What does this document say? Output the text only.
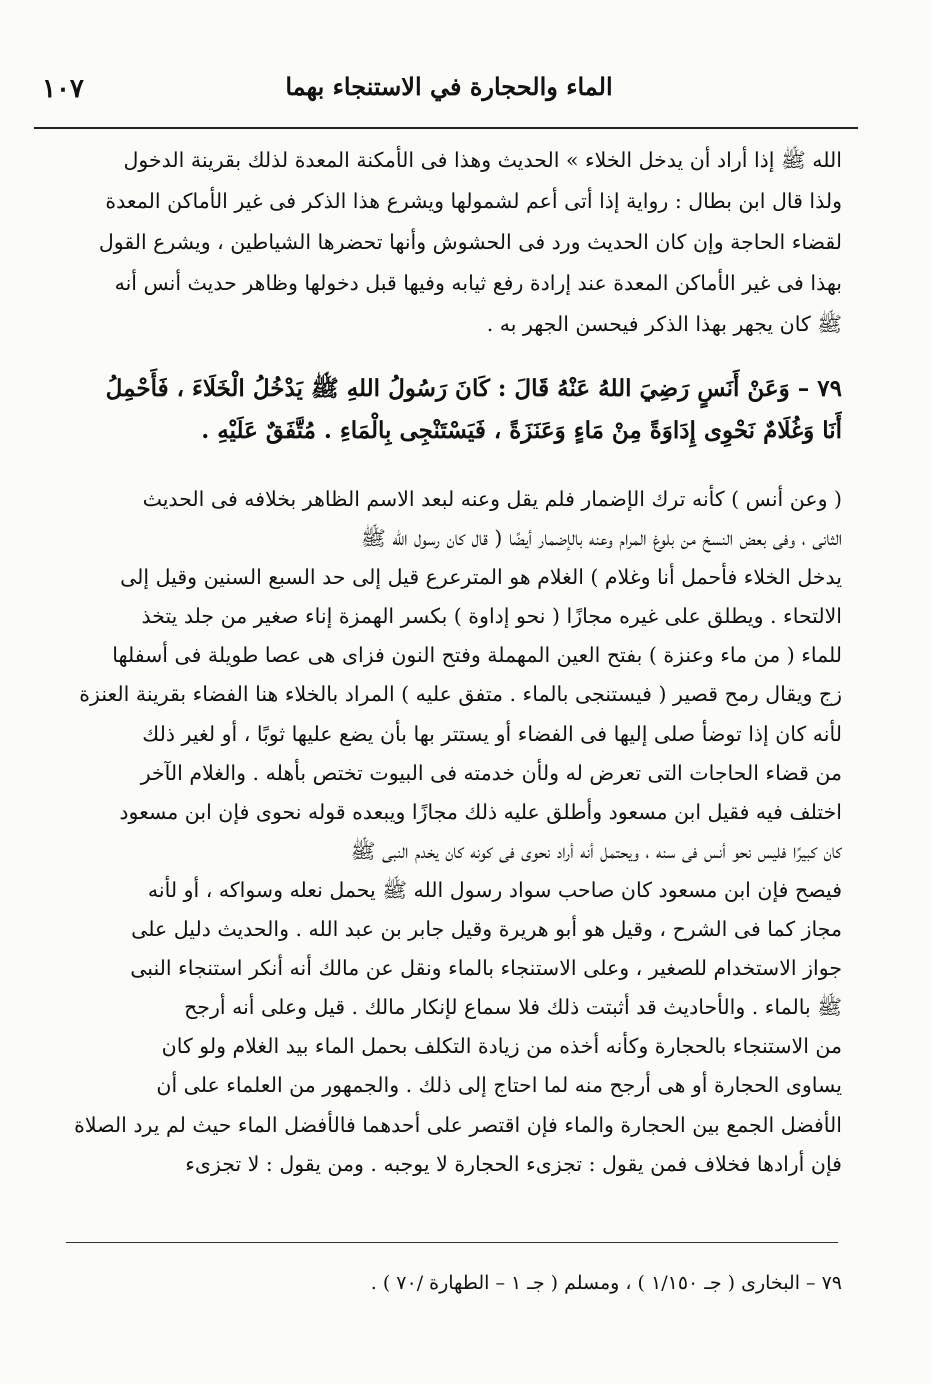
الماء والحجارة في الاستنجاء بهما
١٠٧
الله ﷺ إذا أراد أن يدخل الخلاء » الحديث وهذا فى الأمكنة المعدة لذلك بقرينة الدخول
ولذا قال ابن بطال : رواية إذا أتى أعم لشمولها ويشرع هذا الذكر فى غير الأماكن المعدة
لقضاء الحاجة وإن كان الحديث ورد فى الحشوش وأنها تحضرها الشياطين ، ويشرع القول
بهذا فى غير الأماكن المعدة عند إرادة رفع ثيابه وفيها قبل دخولها وظاهر حديث أنس أنه
ﷺ كان يجهر بهذا الذكر فيحسن الجهر به .
٧٩ – وَعَنْ أَنَسٍ رَضِيَ اللهُ عَنْهُ قَالَ : كَانَ رَسُولُ اللهِ ﷺ يَدْخُلُ الْخَلَاءَ ، فَأَحْمِلُ
أَنَا وَغُلَامٌ نَحْوِى إِدَاوَةً مِنْ مَاءٍ وَعَنَزَةً ، فَيَسْتَنْجِى بِالْمَاءِ . مُتَّفَقٌ عَلَيْهِ .
( وعن أنس ) كأنه ترك الإضمار فلم يقل وعنه لبعد الاسم الظاهر بخلافه فى الحديث
الثانى ، وفى بعض النسخ من بلوغ المرام وعنه بالإضمار أيضًا ( قال كان رسول الله ﷺ
يدخل الخلاء فأحمل أنا وغلام ) الغلام هو المترعرع قيل إلى حد السبع السنين وقيل إلى
الالتحاء . ويطلق على غيره مجازًا ( نحو إداوة ) بكسر الهمزة إناء صغير من جلد يتخذ
للماء ( من ماء وعنزة ) بفتح العين المهملة وفتح النون فزاى هى عصا طويلة فى أسفلها
زج ويقال رمح قصير ( فيستنجى بالماء . متفق عليه ) المراد بالخلاء هنا الفضاء بقرينة العنزة
لأنه كان إذا توضأ صلى إليها فى الفضاء أو يستتر بها بأن يضع عليها ثوبًا ، أو لغير ذلك
من قضاء الحاجات التى تعرض له ولأن خدمته فى البيوت تختص بأهله . والغلام الآخر
اختلف فيه فقيل ابن مسعود وأطلق عليه ذلك مجازًا ويبعده قوله نحوى فإن ابن مسعود
كان كبيرًا فليس نحو أنس فى سنه ، ويحتمل أنه أراد نحوى فى كونه كان يخدم النبى ﷺ
فيصح فإن ابن مسعود كان صاحب سواد رسول الله ﷺ يحمل نعله وسواكه ، أو لأنه
مجاز كما فى الشرح ، وقيل هو أبو هريرة وقيل جابر بن عبد الله . والحديث دليل على
جواز الاستخدام للصغير ، وعلى الاستنجاء بالماء ونقل عن مالك أنه أنكر استنجاء النبى
ﷺ بالماء . والأحاديث قد أثبتت ذلك فلا سماع لإنكار مالك . قيل وعلى أنه أرجح
من الاستنجاء بالحجارة وكأنه أخذه من زيادة التكلف بحمل الماء بيد الغلام ولو كان
يساوى الحجارة أو هى أرجح منه لما احتاج إلى ذلك . والجمهور من العلماء على أن
الأفضل الجمع بين الحجارة والماء فإن اقتصر على أحدهما فالأفضل الماء حيث لم يرد الصلاة
فإن أرادها فخلاف فمن يقول : تجزىء الحجارة لا يوجبه . ومن يقول : لا تجزىء
٧٩ – البخارى ( جـ ١/١٥٠ ) ، ومسلم ( جـ ١ – الطهارة /٧٠ ) .
